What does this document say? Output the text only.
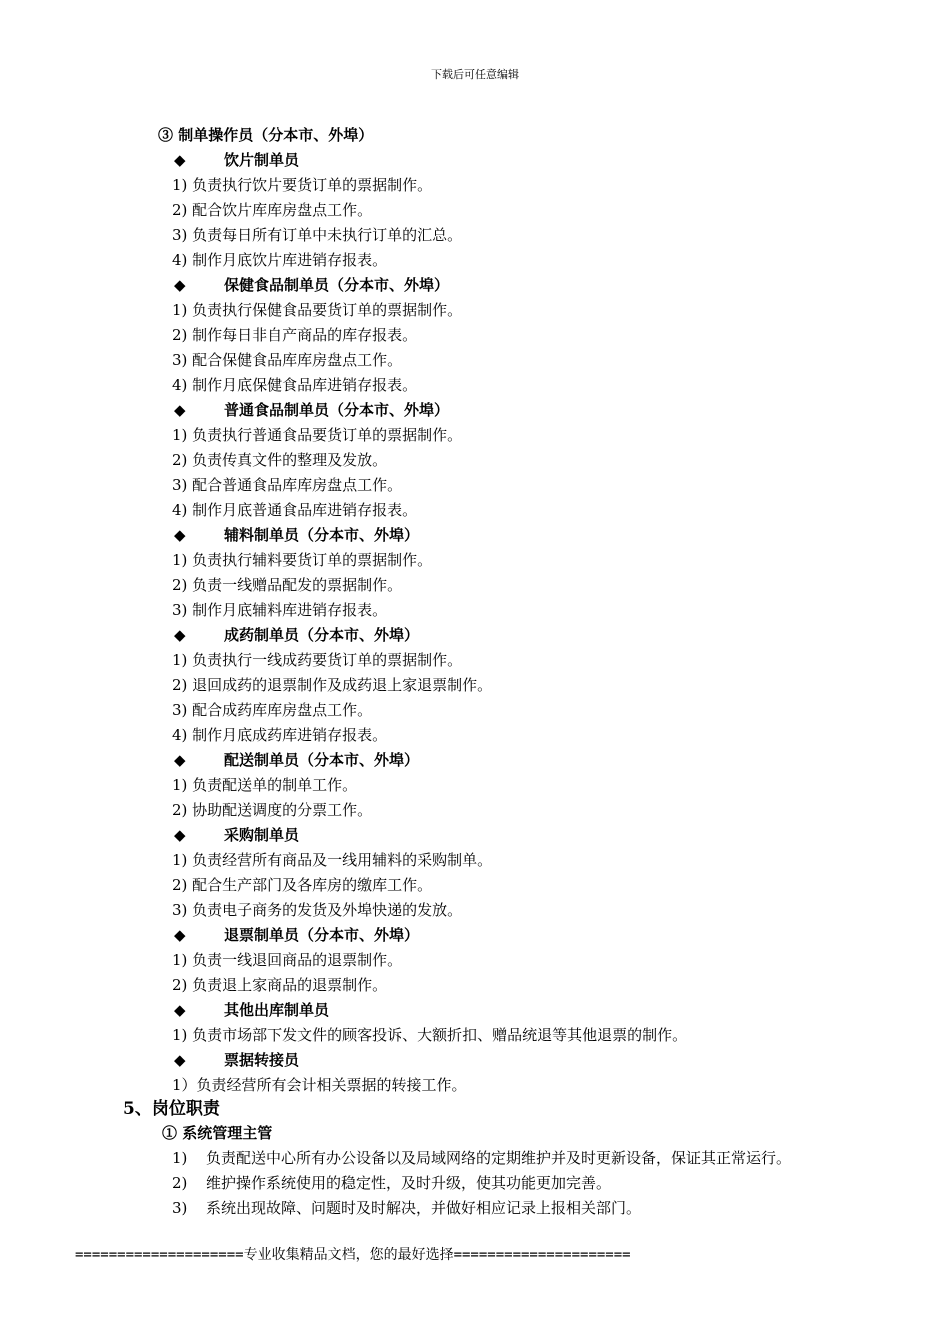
下载后可任意编辑
③ 制单操作员（分本市、外埠）
◆	饮片制单员
1) 负责执行饮片要货订单的票据制作。
2) 配合饮片库库房盘点工作。
3) 负责每日所有订单中未执行订单的汇总。
4) 制作月底饮片库进销存报表。
◆	保健食品制单员（分本市、外埠）
1) 负责执行保健食品要货订单的票据制作。
2) 制作每日非自产商品的库存报表。
3) 配合保健食品库库房盘点工作。
4) 制作月底保健食品库进销存报表。
◆	普通食品制单员（分本市、外埠）
1) 负责执行普通食品要货订单的票据制作。
2) 负责传真文件的整理及发放。
3) 配合普通食品库库房盘点工作。
4) 制作月底普通食品库进销存报表。
◆	辅料制单员（分本市、外埠）
1) 负责执行辅料要货订单的票据制作。
2) 负责一线赠品配发的票据制作。
3) 制作月底辅料库进销存报表。
◆	成药制单员（分本市、外埠）
1) 负责执行一线成药要货订单的票据制作。
2) 退回成药的退票制作及成药退上家退票制作。
3) 配合成药库库房盘点工作。
4) 制作月底成药库进销存报表。
◆	配送制单员（分本市、外埠）
1) 负责配送单的制单工作。
2) 协助配送调度的分票工作。
◆	采购制单员
1) 负责经营所有商品及一线用辅料的采购制单。
2) 配合生产部门及各库房的缴库工作。
3) 负责电子商务的发货及外埠快递的发放。
◆	退票制单员（分本市、外埠）
1) 负责一线退回商品的退票制作。
2) 负责退上家商品的退票制作。
◆	其他出库制单员
1) 负责市场部下发文件的顾客投诉、大额折扣、赠品统退等其他退票的制作。
◆	票据转接员
1）负责经营所有会计相关票据的转接工作。
5、岗位职责
① 系统管理主管
1) 负责配送中心所有办公设备以及局域网络的定期维护并及时更新设备，保证其正常运行。
2) 维护操作系统使用的稳定性，及时升级，使其功能更加完善。
3) 系统出现故障、问题时及时解决，并做好相应记录上报相关部门。
====================专业收集精品文档，您的最好选择=====================
